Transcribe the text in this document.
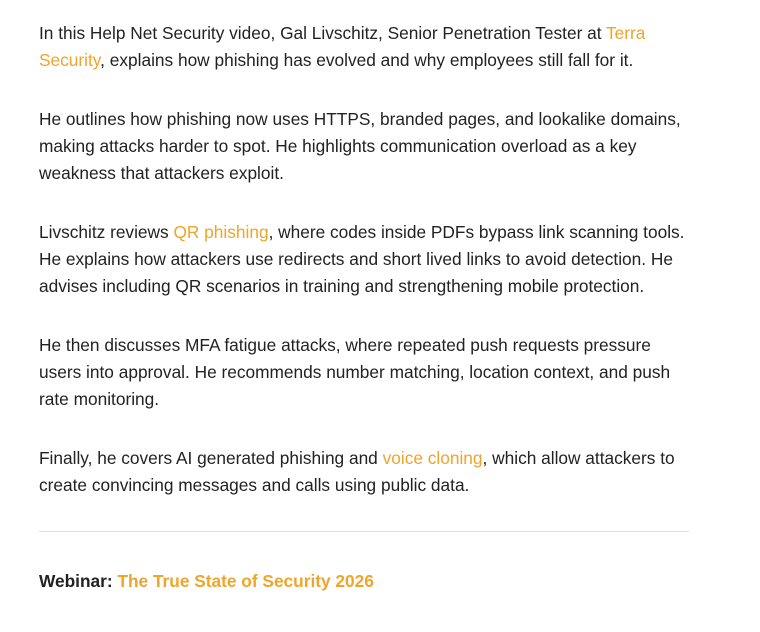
In this Help Net Security video, Gal Livschitz, Senior Penetration Tester at Terra Security, explains how phishing has evolved and why employees still fall for it.

He outlines how phishing now uses HTTPS, branded pages, and lookalike domains, making attacks harder to spot. He highlights communication overload as a key weakness that attackers exploit.

Livschitz reviews QR phishing, where codes inside PDFs bypass link scanning tools. He explains how attackers use redirects and short lived links to avoid detection. He advises including QR scenarios in training and strengthening mobile protection.

He then discusses MFA fatigue attacks, where repeated push requests pressure users into approval. He recommends number matching, location context, and push rate monitoring.

Finally, he covers AI generated phishing and voice cloning, which allow attackers to create convincing messages and calls using public data.

Webinar: The True State of Security 2026
